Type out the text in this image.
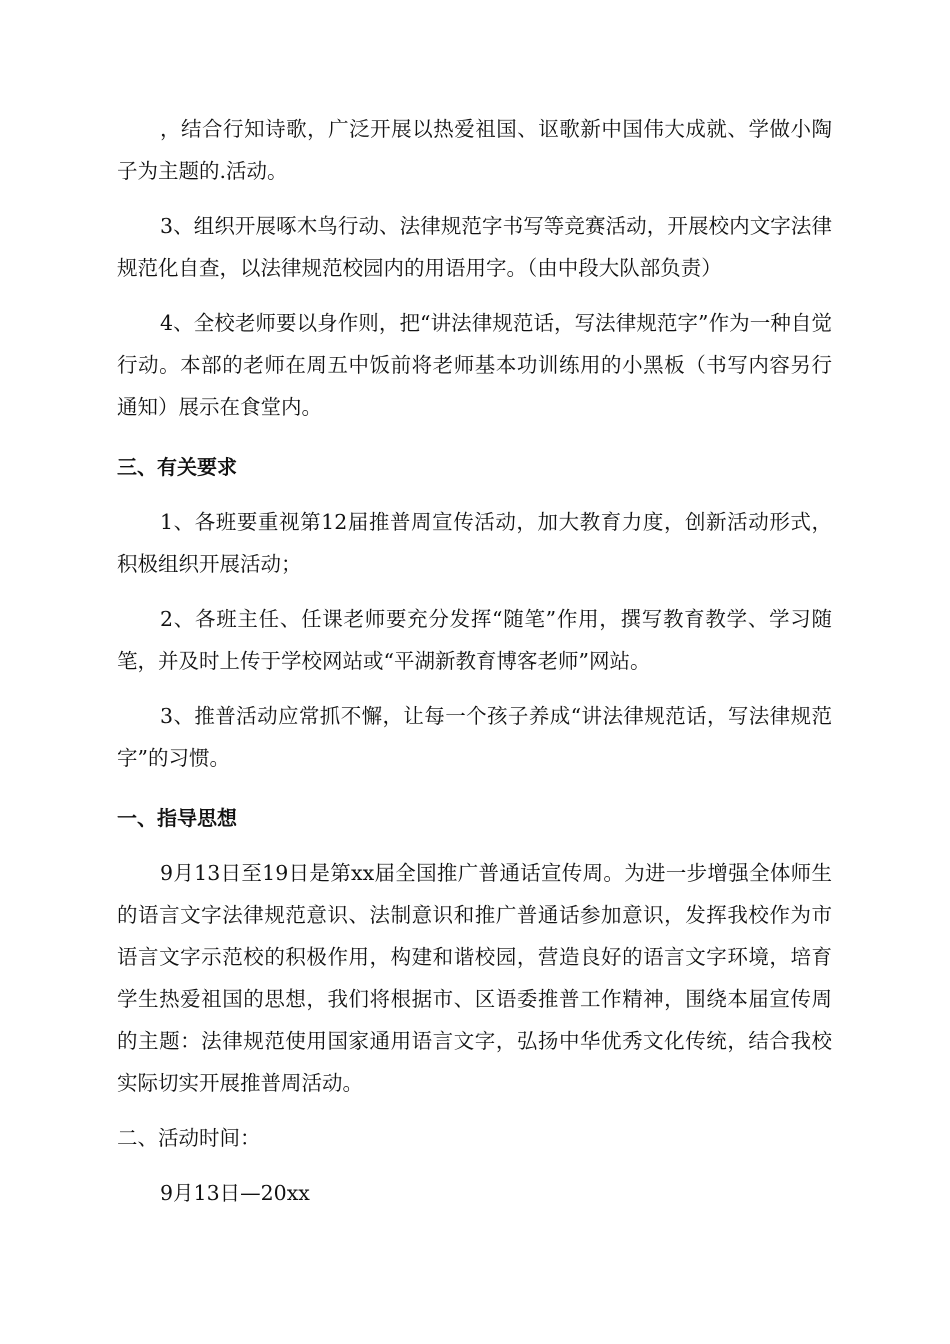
，结合行知诗歌，广泛开展以热爱祖国、讴歌新中国伟大成就、学做小陶子为主题的.活动。

3、组织开展啄木鸟行动、法律规范字书写等竞赛活动，开展校内文字法律规范化自查，以法律规范校园内的用语用字。（由中段大队部负责）

4、全校老师要以身作则，把“讲法律规范话，写法律规范字”作为一种自觉行动。本部的老师在周五中饭前将老师基本功训练用的小黑板（书写内容另行通知）展示在食堂内。

三、有关要求

1、各班要重视第12届推普周宣传活动，加大教育力度，创新活动形式，积极组织开展活动；

2、各班主任、任课老师要充分发挥“随笔”作用，撰写教育教学、学习随笔，并及时上传于学校网站或“平湖新教育博客老师”网站。

3、推普活动应常抓不懈，让每一个孩子养成“讲法律规范话，写法律规范字”的习惯。

一、指导思想

9月13日至19日是第xx届全国推广普通话宣传周。为进一步增强全体师生的语言文字法律规范意识、法制意识和推广普通话参加意识，发挥我校作为市语言文字示范校的积极作用，构建和谐校园，营造良好的语言文字环境，培育学生热爱祖国的思想，我们将根据市、区语委推普工作精神，围绕本届宣传周的主题：法律规范使用国家通用语言文字，弘扬中华优秀文化传统，结合我校实际切实开展推普周活动。

二、活动时间：

9月13日—20xx
